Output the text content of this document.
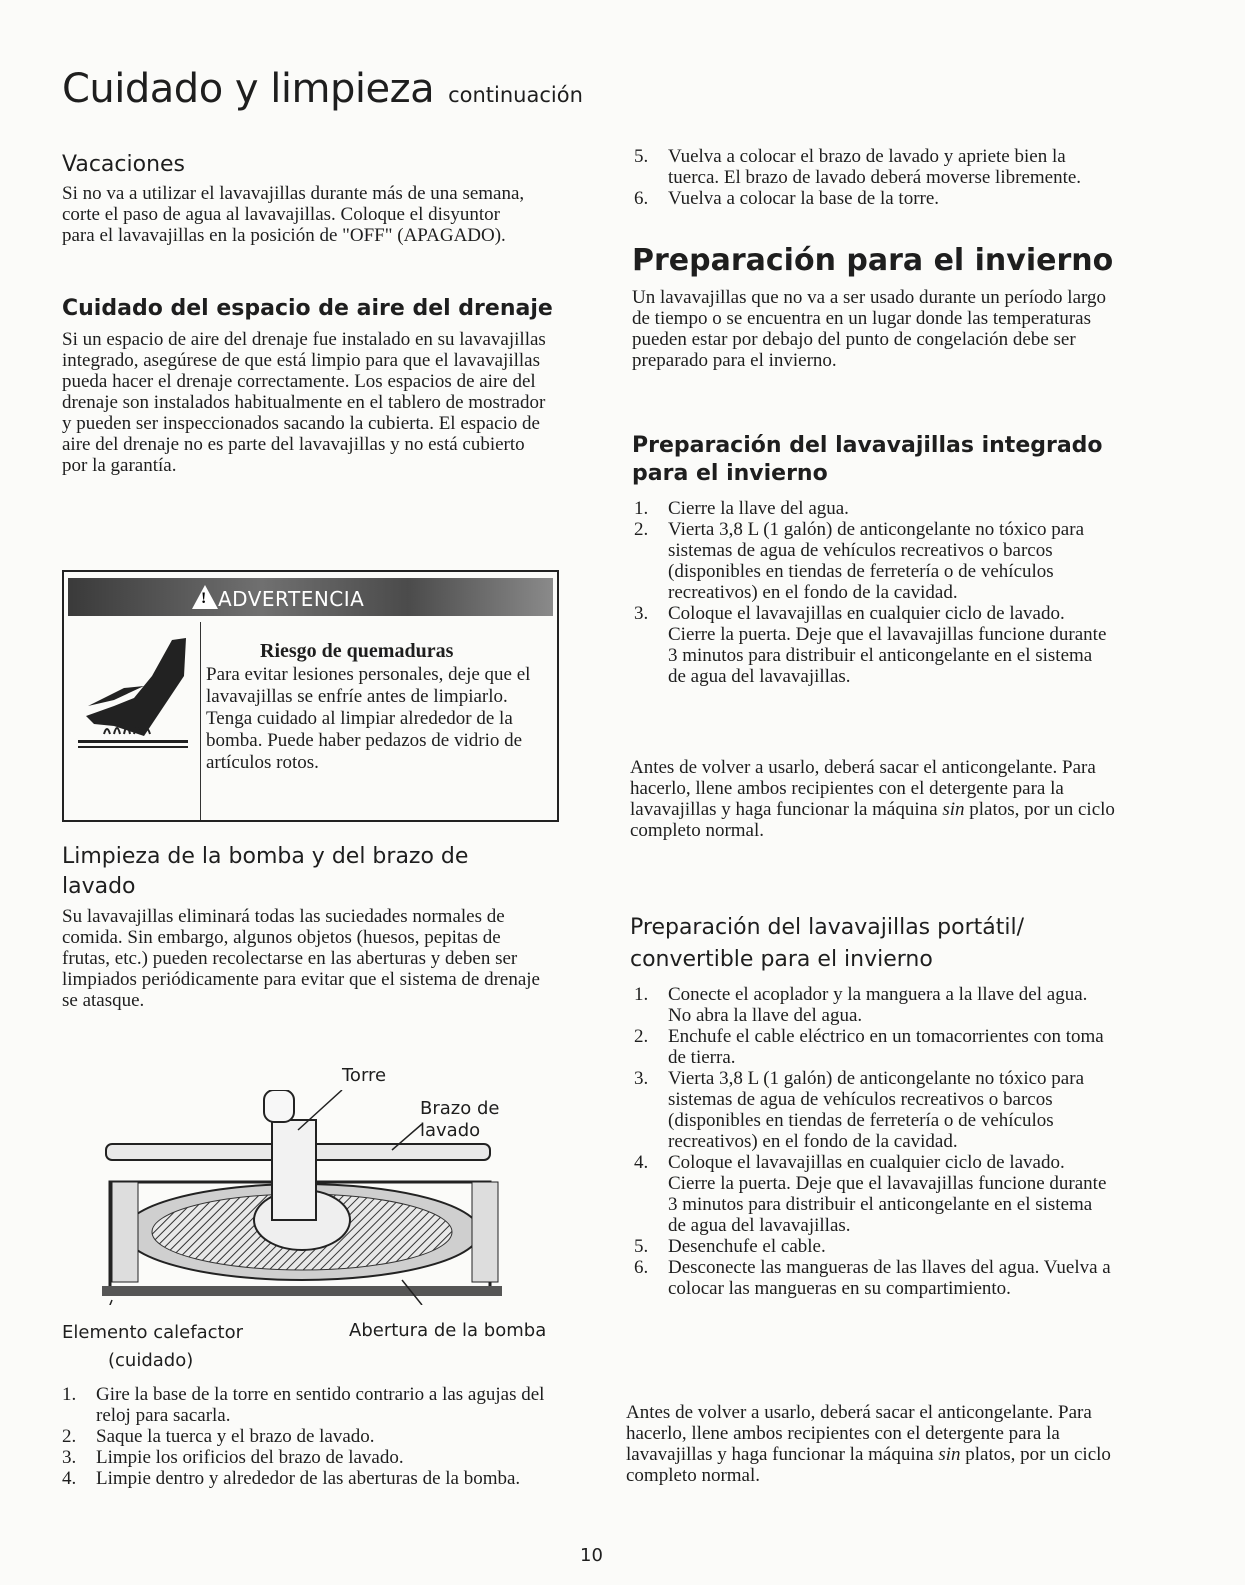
Cuidado y limpieza continuación
Vacaciones

Si no va a utilizar el lavavajillas durante más de una semana, corte el paso de agua al lavavajillas. Coloque el disyuntor para el lavavajillas en la posición de "OFF" (APAGADO).

Cuidado del espacio de aire del drenaje

Si un espacio de aire del drenaje fue instalado en su lavavajillas integrado, asegúrese de que está limpio para que el lavavajillas pueda hacer el drenaje correctamente. Los espacios de aire del drenaje son instalados habitualmente en el tablero de mostrador y pueden ser inspeccionados sacando la cubierta. El espacio de aire del drenaje no es parte del lavavajillas y no está cubierto por la garantía.

!
ADVERTENCIA
Riesgo de quemaduras

Para evitar lesiones personales, deje que el lavavajillas se enfríe antes de limpiarlo. Tenga cuidado al limpiar alrededor de la bomba. Puede haber pedazos de vidrio de artículos rotos.

Limpieza de la bomba y del brazo de lavado

Su lavavajillas eliminará todas las suciedades normales de comida. Sin embargo, algunos objetos (huesos, pepitas de frutas, etc.) pueden recolectarse en las aberturas y deben ser limpiados periódicamente para evitar que el sistema de drenaje se atasque.

Torre
Brazo de lavado
Elemento calefactor
(cuidado)
Abertura de la bomba
1. Gire la base de la torre en sentido contrario a las agujas del reloj para sacarla.
2. Saque la tuerca y el brazo de lavado.
3. Limpie los orificios del brazo de lavado.
4. Limpie dentro y alrededor de las aberturas de la bomba.
5. Vuelva a colocar el brazo de lavado y apriete bien la tuerca. El brazo de lavado deberá moverse libremente.
6. Vuelva a colocar la base de la torre.
Preparación para el invierno

Un lavavajillas que no va a ser usado durante un período largo de tiempo o se encuentra en un lugar donde las temperaturas pueden estar por debajo del punto de congelación debe ser preparado para el invierno.

Preparación del lavavajillas integrado para el invierno
1. Cierre la llave del agua.
2. Vierta 3,8 L (1 galón) de anticongelante no tóxico para sistemas de agua de vehículos recreativos o barcos (disponibles en tiendas de ferretería o de vehículos recreativos) en el fondo de la cavidad.
3. Coloque el lavavajillas en cualquier ciclo de lavado. Cierre la puerta. Deje que el lavavajillas funcione durante 3 minutos para distribuir el anticongelante en el sistema de agua del lavavajillas.

Antes de volver a usarlo, deberá sacar el anticongelante. Para hacerlo, llene ambos recipientes con el detergente para la lavavajillas y haga funcionar la máquina sin platos, por un ciclo completo normal.

Preparación del lavavajillas portátil/ convertible para el invierno
1. Conecte el acoplador y la manguera a la llave del agua. No abra la llave del agua.
2. Enchufe el cable eléctrico en un tomacorrientes con toma de tierra.
3. Vierta 3,8 L (1 galón) de anticongelante no tóxico para sistemas de agua de vehículos recreativos o barcos (disponibles en tiendas de ferretería o de vehículos recreativos) en el fondo de la cavidad.
4. Coloque el lavavajillas en cualquier ciclo de lavado. Cierre la puerta. Deje que el lavavajillas funcione durante 3 minutos para distribuir el anticongelante en el sistema de agua del lavavajillas.
5. Desenchufe el cable.
6. Desconecte las mangueras de las llaves del agua. Vuelva a colocar las mangueras en su compartimiento.

Antes de volver a usarlo, deberá sacar el anticongelante. Para hacerlo, llene ambos recipientes con el detergente para la lavavajillas y haga funcionar la máquina sin platos, por un ciclo completo normal.

10
